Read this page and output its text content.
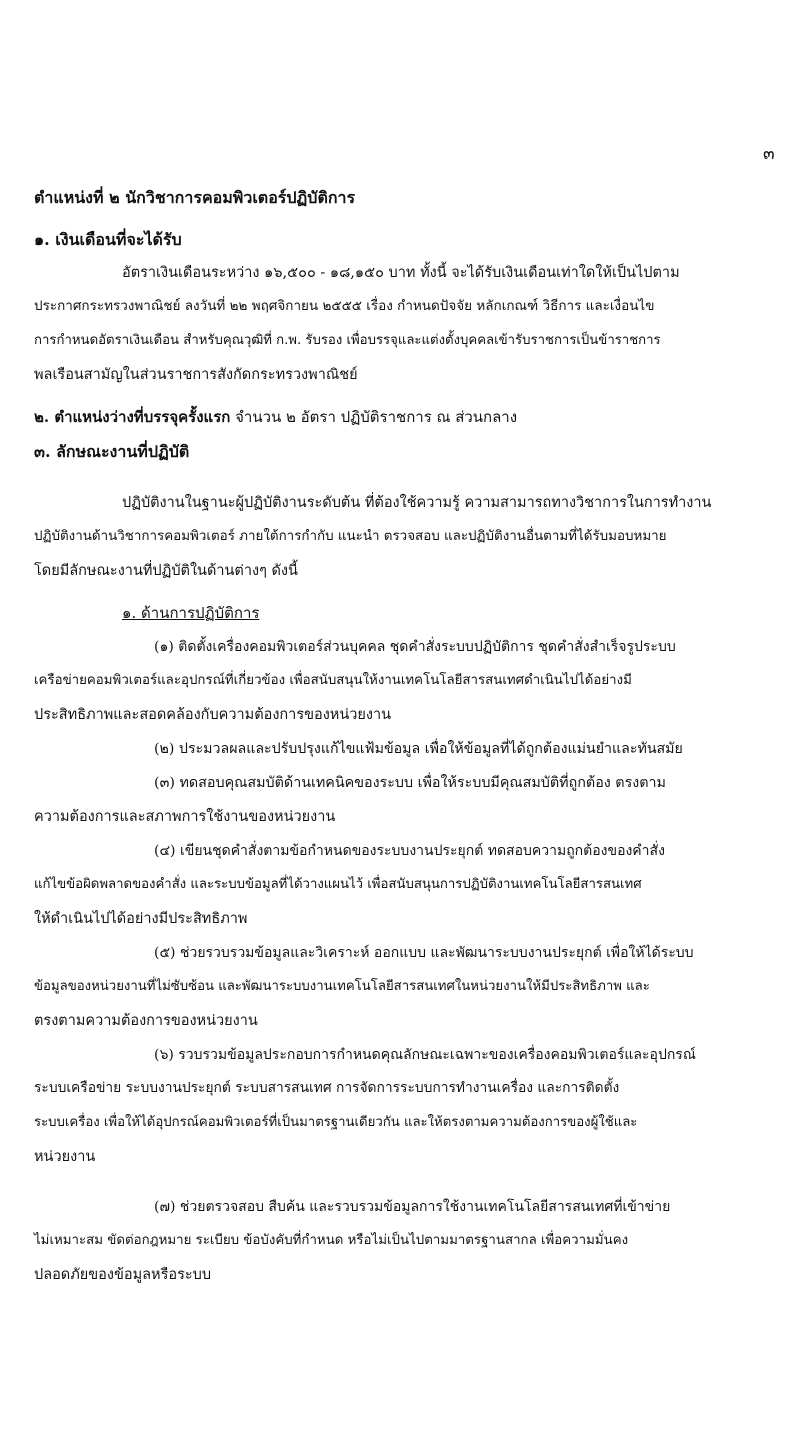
๓
ตำแหน่งที่ ๒ นักวิชาการคอมพิวเตอร์ปฏิบัติการ
๑. เงินเดือนที่จะได้รับ
อัตราเงินเดือนระหว่าง ๑๖,๕๐๐ - ๑๘,๑๕๐ บาท ทั้งนี้ จะได้รับเงินเดือนเท่าใดให้เป็นไปตาม
ประกาศกระทรวงพาณิชย์ ลงวันที่ ๒๒ พฤศจิกายน ๒๕๕๕ เรื่อง กำหนดปัจจัย หลักเกณฑ์ วิธีการ และเงื่อนไข
การกำหนดอัตราเงินเดือน สำหรับคุณวุฒิที่ ก.พ. รับรอง เพื่อบรรจุและแต่งตั้งบุคคลเข้ารับราชการเป็นข้าราชการ
พลเรือนสามัญในส่วนราชการสังกัดกระทรวงพาณิชย์
๒. ตำแหน่งว่างที่บรรจุครั้งแรก จำนวน ๒ อัตรา ปฏิบัติราชการ ณ ส่วนกลาง
๓. ลักษณะงานที่ปฏิบัติ
ปฏิบัติงานในฐานะผู้ปฏิบัติงานระดับต้น ที่ต้องใช้ความรู้ ความสามารถทางวิชาการในการทำงาน
ปฏิบัติงานด้านวิชาการคอมพิวเตอร์ ภายใต้การกำกับ แนะนำ ตรวจสอบ และปฏิบัติงานอื่นตามที่ได้รับมอบหมาย
โดยมีลักษณะงานที่ปฏิบัติในด้านต่างๆ ดังนี้
๑. ด้านการปฏิบัติการ
(๑) ติดตั้งเครื่องคอมพิวเตอร์ส่วนบุคคล ชุดคำสั่งระบบปฏิบัติการ ชุดคำสั่งสำเร็จรูประบบ
เครือข่ายคอมพิวเตอร์และอุปกรณ์ที่เกี่ยวข้อง เพื่อสนับสนุนให้งานเทคโนโลยีสารสนเทศดำเนินไปได้อย่างมี
ประสิทธิภาพและสอดคล้องกับความต้องการของหน่วยงาน
(๒) ประมวลผลและปรับปรุงแก้ไขแฟ้มข้อมูล เพื่อให้ข้อมูลที่ได้ถูกต้องแม่นยำและทันสมัย
(๓) ทดสอบคุณสมบัติด้านเทคนิคของระบบ เพื่อให้ระบบมีคุณสมบัติที่ถูกต้อง ตรงตาม
ความต้องการและสภาพการใช้งานของหน่วยงาน
(๔) เขียนชุดคำสั่งตามข้อกำหนดของระบบงานประยุกต์ ทดสอบความถูกต้องของคำสั่ง
แก้ไขข้อผิดพลาดของคำสั่ง และระบบข้อมูลที่ได้วางแผนไว้ เพื่อสนับสนุนการปฏิบัติงานเทคโนโลยีสารสนเทศ
ให้ดำเนินไปได้อย่างมีประสิทธิภาพ
(๕) ช่วยรวบรวมข้อมูลและวิเคราะห์ ออกแบบ และพัฒนาระบบงานประยุกต์ เพื่อให้ได้ระบบ
ข้อมูลของหน่วยงานที่ไม่ซับซ้อน และพัฒนาระบบงานเทคโนโลยีสารสนเทศในหน่วยงานให้มีประสิทธิภาพ และ
ตรงตามความต้องการของหน่วยงาน
(๖) รวบรวมข้อมูลประกอบการกำหนดคุณลักษณะเฉพาะของเครื่องคอมพิวเตอร์และอุปกรณ์
ระบบเครือข่าย ระบบงานประยุกต์ ระบบสารสนเทศ การจัดการระบบการทำงานเครื่อง และการติดตั้ง
ระบบเครื่อง เพื่อให้ได้อุปกรณ์คอมพิวเตอร์ที่เป็นมาตรฐานเดียวกัน และให้ตรงตามความต้องการของผู้ใช้และ
หน่วยงาน
(๗) ช่วยตรวจสอบ สืบค้น และรวบรวมข้อมูลการใช้งานเทคโนโลยีสารสนเทศที่เข้าข่าย
ไม่เหมาะสม ขัดต่อกฎหมาย ระเบียบ ข้อบังคับที่กำหนด หรือไม่เป็นไปตามมาตรฐานสากล เพื่อความมั่นคง
ปลอดภัยของข้อมูลหรือระบบ
